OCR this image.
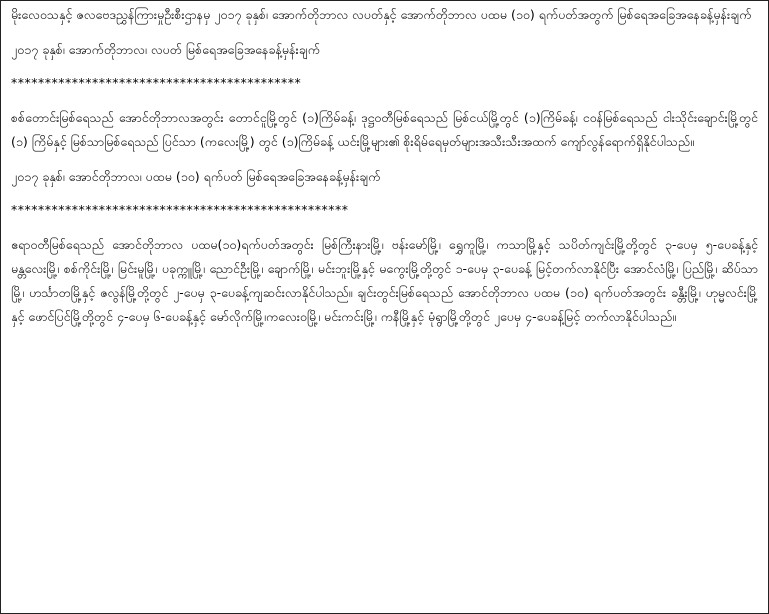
မိုးလေဝသနှင့် ဇလဗေဒညွှန်ကြားမှုဦးစီးဌာနမှ ၂၀၁၇ ခုနှစ်၊ အောက်တိုဘာလ လပတ်နှင့် အောက်တိုဘာလ ပထမ (၁၀) ရက်ပတ်အတွက် မြစ်ရေအခြေအနေခန့်မှန်းချက်

၂၀၁၇ ခုနှစ်၊ အောက်တိုဘာလ၊ လပတ် မြစ်ရေအခြေအနေခန့်မှန်းချက်

*******************************************

စစ်တောင်းမြစ်ရေသည် အောင်တိုဘာလအတွင်း တောင်ငူမြို့တွင် (၁)ကြိမ်ခန့်၊ ဒုဋ္ဌဝတီမြစ်ရေသည် မြစ်ငယ်မြို့တွင် (၁)ကြိမ်ခန့်၊ ငဝန်မြစ်ရေသည် ငါးသိုင်းချောင်းမြို့တွင် (၁) ကြိမ်နှင့် မြစ်သာမြစ်ရေသည် ပြင်သာ (ကလေးမြို့) တွင် (၁)ကြိမ်ခန့် ယင်းမြို့များ၏ စိုးရိမ်ရေမှတ်များအသီးသီးအထက် ကျော်လွန်ရောက်ရှိနိုင်ပါသည်။

၂၀၁၇ ခုနှစ်၊ အောင်တိုဘာလ၊ ပထမ (၁၀) ရက်ပတ် မြစ်ရေအခြေအနေခန့်မှန်းချက်

**************************************************

ဧရာဝတီမြစ်ရေသည် အောင်တိုဘာလ ပထမ(၁၀)ရက်ပတ်အတွင်း မြစ်ကြီးနားမြို့၊ ဗန်းမော်မြို့၊ ရွှေကူမြို့၊ ကသာမြို့နှင့် သပိတ်ကျင်းမြို့တို့တွင် ၃-ပေမှ ၅-ပေခန့်နှင့် မန္တလေးမြို့၊ စစ်ကိုင်းမြို့၊ မြင်းမူမြို့၊ ပခုက္ကူမြို့၊ ညောင်ဦးမြို့၊ ချောက်မြို့၊ မင်းဘူးမြို့နှင့် မကွေးမြို့တို့တွင် ၁-ပေမှ ၃-ပေခန့် မြင့်တက်လာနိုင်ပြီး အောင်လံမြို့၊ ပြည်မြို့၊ ဆိပ်သာမြို့၊ ဟင်္သာတမြို့နှင့် ဇလွန်မြို့တို့တွင် ၂-ပေမှ ၃-ပေခန့်ကျဆင်းလာနိုင်ပါသည်။ ချင်းတွင်းမြစ်ရေသည် အောင်တိုဘာလ ပထမ (၁၀) ရက်ပတ်အတွင်း ခန္တီးမြို့၊ ဟုမ္မလင်းမြို့နှင့် ဖောင်ပြင်မြို့တို့တွင် ၄-ပေမှ ၆-ပေခန့်နှင့် မော်လိုက်မြို့၊ကလေးဝမြို့၊ မင်းကင်းမြို့၊ ကနီမြို့နှင့် မုံရွာမြို့တို့တွင် ၂ပေမှ ၄-ပေခန့်မြင့် တက်လာနိုင်ပါသည်။
